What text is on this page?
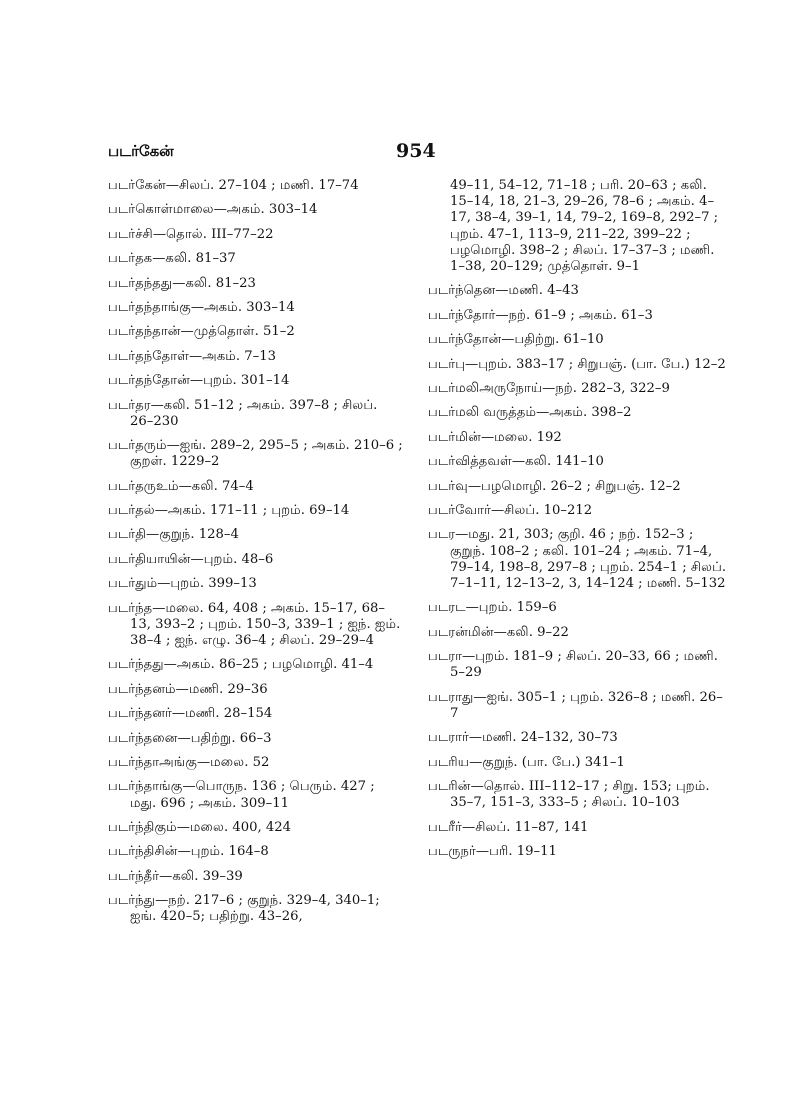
படர்கேன்	954
படர்கேன்—சிலப். 27–104 ; மணி. 17–74
படர்கொள்மாலை—அகம். 303–14
படர்ச்சி—தொல். III–77–22
படர்தக—கலி. 81–37
படர்தந்தது—கலி. 81–23
படர்தந்தாங்கு—அகம். 303–14
படர்தந்தான்—முத்தொள். 51–2
படர்தந்தோள்—அகம். 7–13
படர்தந்தோன்—புறம். 301–14
படர்தர—கலி. 51–12 ; அகம். 397–8 ; சிலப். 26–230
படர்தரும்—ஐங். 289–2, 295–5 ; அகம். 210–6 ; குறள். 1229–2
படர்தருஉம்—கலி. 74–4
படர்தல்—அகம். 171–11 ; புறம். 69–14
படர்தி—குறுந். 128–4
படர்தியாயின்—புறம். 48–6
படர்தும்—புறம். 399–13
படர்ந்த—மலை. 64, 408 ; அகம். 15–17, 68–13, 393–2 ; புறம். 150–3, 339–1 ; ஐந். ஐம். 38–4 ; ஐந். எழு. 36–4 ; சிலப். 29–29–4
படர்ந்தது—அகம். 86–25 ; பழமொழி. 41–4
படர்ந்தனம்—மணி. 29–36
படர்ந்தனர்—மணி. 28–154
படர்ந்தனை—பதிற்று. 66–3
படர்ந்தாஅங்கு—மலை. 52
படர்ந்தாங்கு—பொருந. 136 ; பெரும். 427 ; மது. 696 ; அகம். 309–11
படர்ந்திகும்—மலை. 400, 424
படர்ந்திசின்—புறம். 164–8
படர்ந்தீர்—கலி. 39–39
படர்ந்து—நற். 217–6 ; குறுந். 329–4, 340–1; ஐங். 420–5; பதிற்று. 43–26,
49–11, 54–12, 71–18 ; பரி. 20–63 ; கலி. 15–14, 18, 21–3, 29–26, 78–6 ; அகம். 4–17, 38–4, 39–1, 14, 79–2, 169–8, 292–7 ; புறம். 47–1, 113–9, 211–22, 399–22 ; பழமொழி. 398–2 ; சிலப். 17–37–3 ; மணி. 1–38, 20–129; முத்தொள். 9–1
படர்ந்தென—மணி. 4–43
படர்ந்தோர்—நற். 61–9 ; அகம். 61–3
படர்ந்தோன்—பதிற்று. 61–10
படர்பு—புறம். 383–17 ; சிறுபஞ். (பா. பே.) 12–2
படர்மலிஅருநோய்—நற். 282–3, 322–9
படர்மலி வருத்தம்—அகம். 398–2
படர்மின்—மலை. 192
படர்வித்தவள்—கலி. 141–10
படர்வு—பழமொழி. 26–2 ; சிறுபஞ். 12–2
படர்வோர்—சிலப். 10–212
படர—மது. 21, 303; குறி. 46 ; நற். 152–3 ; குறுந். 108–2 ; கலி. 101–24 ; அகம். 71–4, 79–14, 198–8, 297–8 ; புறம். 254–1 ; சிலப். 7–1–11, 12–13–2, 3, 14–124 ; மணி. 5–132
படரட—புறம். 159–6
படரன்மின்—கலி. 9–22
படரா—புறம். 181–9 ; சிலப். 20–33, 66 ; மணி. 5–29
படராது—ஐங். 305–1 ; புறம். 326–8 ; மணி. 26–7
படரார்—மணி. 24–132, 30–73
படரிய—குறுந். (பா. பே.) 341–1
படரின்—தொல். III–112–17 ; சிறு. 153; புறம். 35–7, 151–3, 333–5 ; சிலப். 10–103
படரீர்—சிலப். 11–87, 141
படருநர்—பரி. 19–11
